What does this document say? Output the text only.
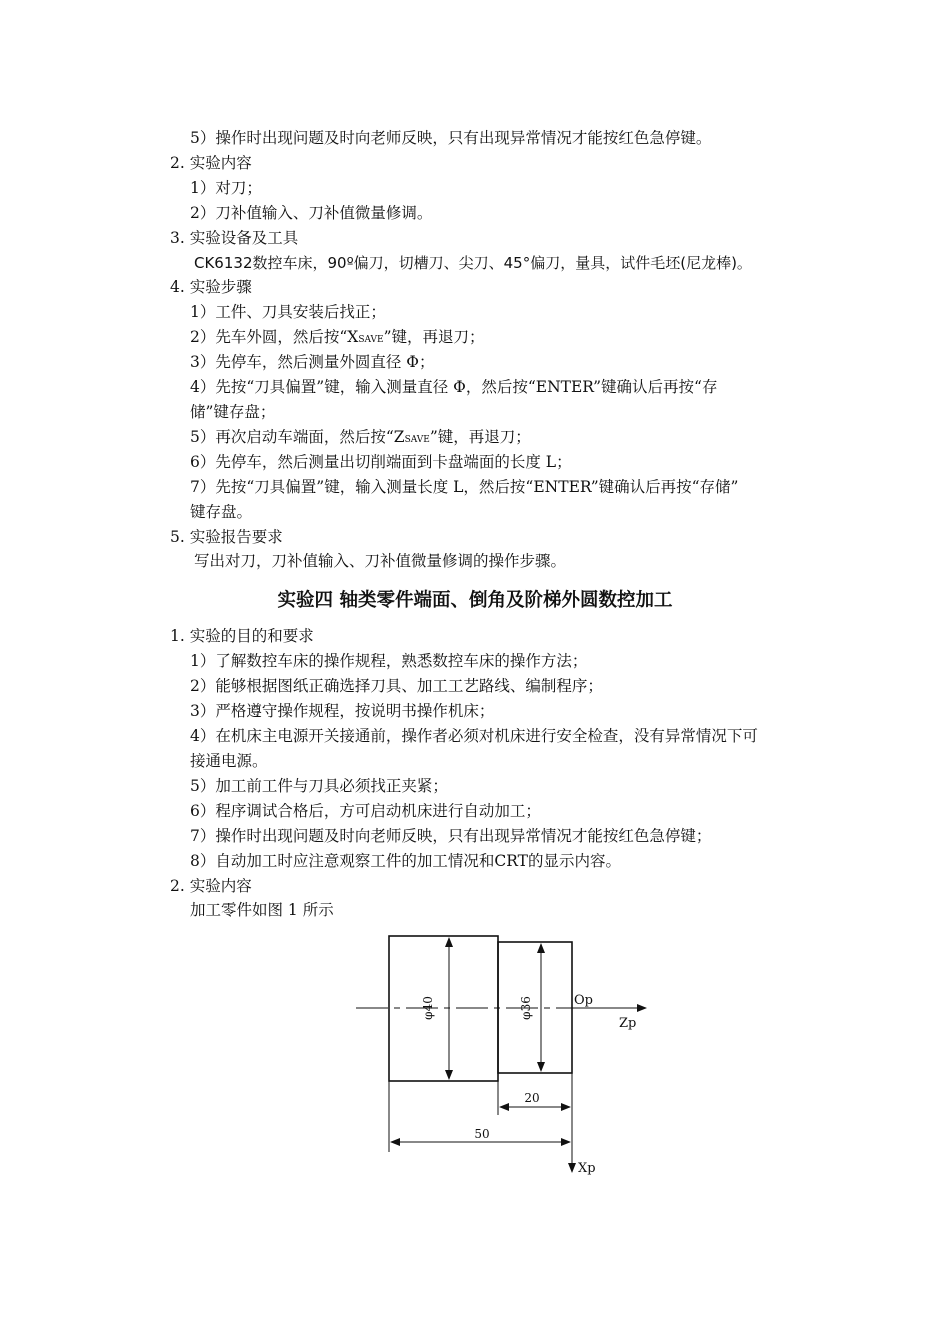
5）操作时出现问题及时向老师反映，只有出现异常情况才能按红色急停键。
2. 实验内容
1）对刀；
2）刀补值输入、刀补值微量修调。
3. 实验设备及工具
CK6132数控车床，90º偏刀，切槽刀、尖刀、45°偏刀，量具，试件毛坯(尼龙棒)。
4. 实验步骤
1）工件、刀具安装后找正；
2）先车外圆，然后按“XSAVE”键，再退刀；
3）先停车，然后测量外圆直径 Φ；
4）先按“刀具偏置”键，输入测量直径 Φ，然后按“ENTER”键确认后再按“存
储”键存盘；
5）再次启动车端面，然后按“ZSAVE”键，再退刀；
6）先停车，然后测量出切削端面到卡盘端面的长度 L；
7）先按“刀具偏置”键，输入测量长度 L，然后按“ENTER”键确认后再按“存储”
键存盘。
5. 实验报告要求
写出对刀，刀补值输入、刀补值微量修调的操作步骤。
实验四 轴类零件端面、倒角及阶梯外圆数控加工
1. 实验的目的和要求
1）了解数控车床的操作规程，熟悉数控车床的操作方法；
2）能够根据图纸正确选择刀具、加工工艺路线、编制程序；
3）严格遵守操作规程，按说明书操作机床；
4）在机床主电源开关接通前，操作者必须对机床进行安全检查，没有异常情况下可
接通电源。
5）加工前工件与刀具必须找正夹紧；
6）程序调试合格后，方可启动机床进行自动加工；
7）操作时出现问题及时向老师反映，只有出现异常情况才能按红色急停键；
8）自动加工时应注意观察工件的加工情况和CRT的显示内容。
2. 实验内容
加工零件如图 1 所示
φ40	φ36
20
50
Op
Zp
Xp
